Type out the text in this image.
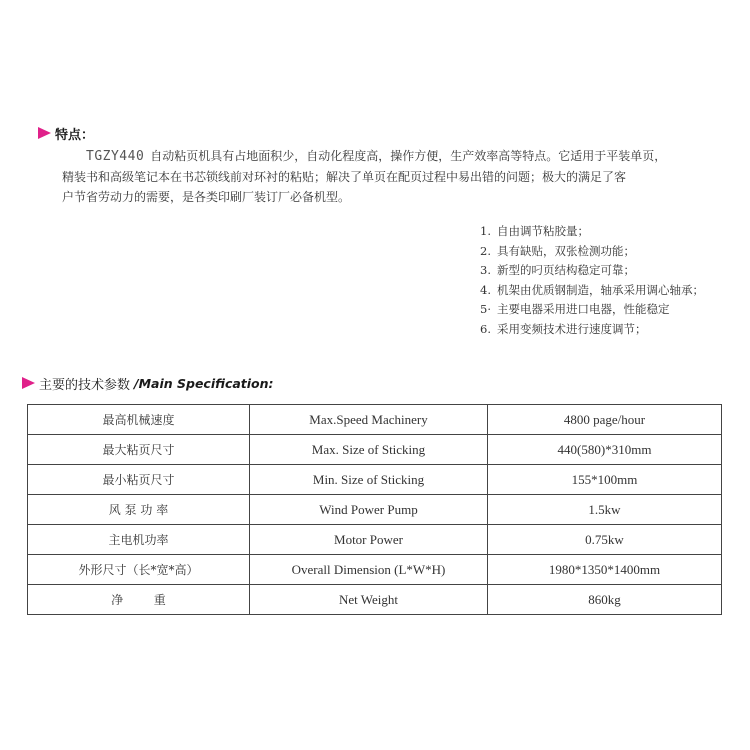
特点：
TGZY440 自动粘页机具有占地面积少，自动化程度高，操作方便，生产效率高等特点。它适用于平装单页，
精装书和高级笔记本在书芯锁线前对环衬的粘贴；解决了单页在配页过程中易出错的问题；极大的满足了客
户节省劳动力的需要，是各类印刷厂装订厂必备机型。
1. 自由调节粘胶量；
2. 具有缺贴，双张检测功能；
3. 新型的叼页结构稳定可靠；
4. 机架由优质钢制造，轴承采用调心轴承；
5· 主要电器采用进口电器，性能稳定
6. 采用变频技术进行速度调节；
主要的技术参数 /Main Specification:
最高机械速度	Max.Speed Machinery	4800 page/hour
最大粘页尺寸	Max. Size of Sticking	440(580)*310mm
最小粘页尺寸	Min. Size of Sticking	155*100mm
风 泵 功 率	Wind Power Pump	1.5kw
主电机功率	Motor Power	0.75kw
外形尺寸（长*宽*高）	Overall Dimension (L*W*H)	1980*1350*1400mm
净        重	Net Weight	860kg
